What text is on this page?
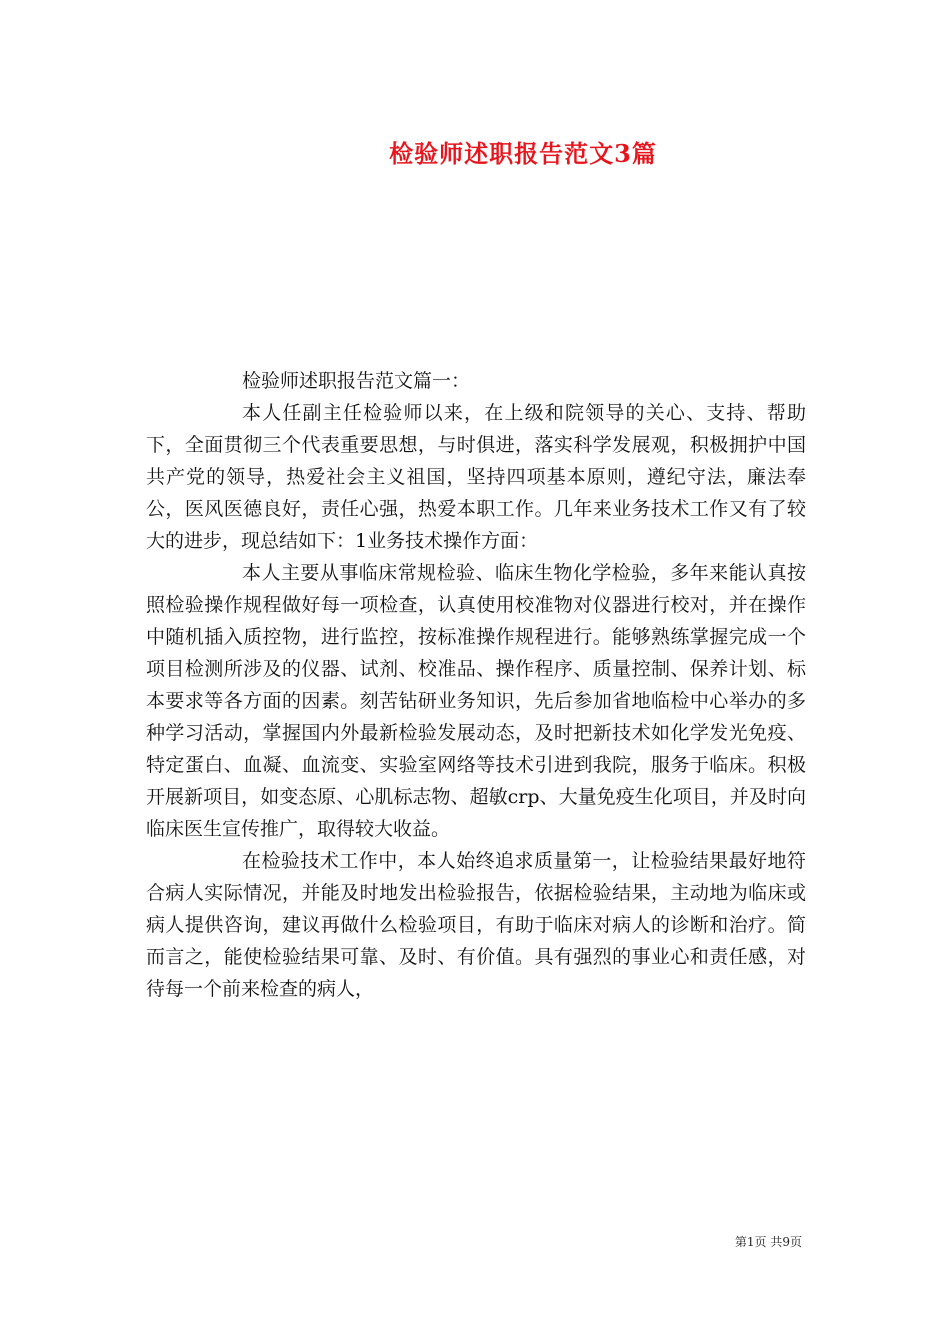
检验师述职报告范文3篇

检验师述职报告范文篇一：

本人任副主任检验师以来，在上级和院领导的关心、支持、帮助下，全面贯彻三个代表重要思想，与时俱进，落实科学发展观，积极拥护中国共产党的领导，热爱社会主义祖国，坚持四项基本原则，遵纪守法，廉法奉公，医风医德良好，责任心强，热爱本职工作。几年来业务技术工作又有了较大的进步，现总结如下：1业务技术操作方面：

本人主要从事临床常规检验、临床生物化学检验，多年来能认真按照检验操作规程做好每一项检查，认真使用校准物对仪器进行校对，并在操作中随机插入质控物，进行监控，按标准操作规程进行。能够熟练掌握完成一个项目检测所涉及的仪器、试剂、校准品、操作程序、质量控制、保养计划、标本要求等各方面的因素。刻苦钻研业务知识，先后参加省地临检中心举办的多种学习活动，掌握国内外最新检验发展动态，及时把新技术如化学发光免疫、特定蛋白、血凝、血流变、实验室网络等技术引进到我院，服务于临床。积极开展新项目，如变态原、心肌标志物、超敏crp、大量免疫生化项目，并及时向临床医生宣传推广，取得较大收益。

在检验技术工作中，本人始终追求质量第一，让检验结果最好地符合病人实际情况，并能及时地发出检验报告，依据检验结果，主动地为临床或病人提供咨询，建议再做什么检验项目，有助于临床对病人的诊断和治疗。简而言之，能使检验结果可靠、及时、有价值。具有强烈的事业心和责任感，对待每一个前来检查的病人，

第1页 共9页
